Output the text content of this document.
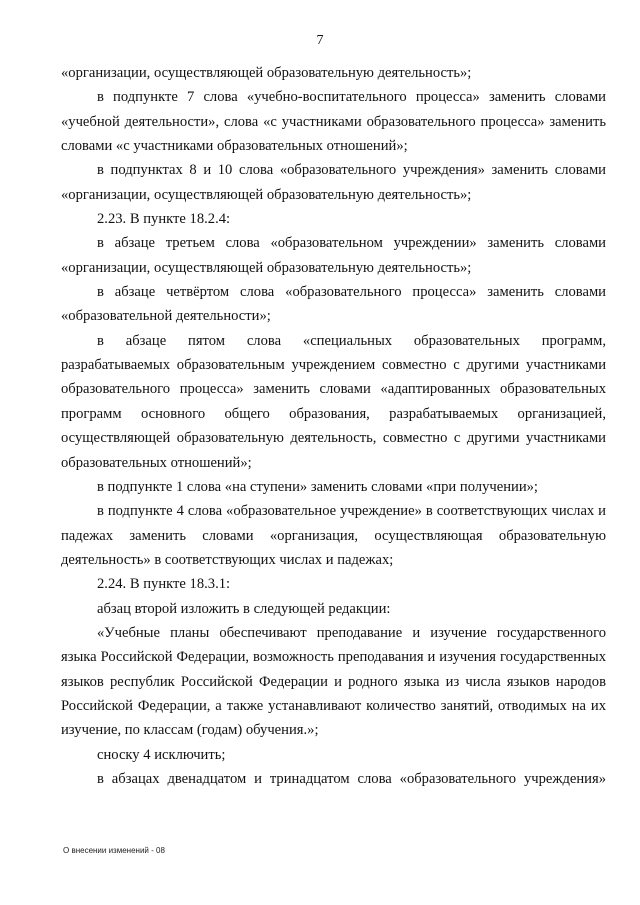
7

«организации, осуществляющей образовательную деятельность»;

в подпункте 7 слова «учебно-воспитательного процесса» заменить словами «учебной деятельности», слова «с участниками образовательного процесса» заменить словами «с участниками образовательных отношений»;

в подпунктах 8 и 10 слова «образовательного учреждения» заменить словами «организации, осуществляющей образовательную деятельность»;

2.23. В пункте 18.2.4:

в абзаце третьем слова «образовательном учреждении» заменить словами «организации, осуществляющей образовательную деятельность»;

в абзаце четвёртом слова «образовательного процесса» заменить словами «образовательной деятельности»;

в абзаце пятом слова «специальных образовательных программ, разрабатываемых образовательным учреждением совместно с другими участниками образовательного процесса» заменить словами «адаптированных образовательных программ основного общего образования, разрабатываемых организацией, осуществляющей образовательную деятельность, совместно с другими участниками образовательных отношений»;

в подпункте 1 слова «на ступени» заменить словами «при получении»;

в подпункте 4 слова «образовательное учреждение» в соответствующих числах и падежах заменить словами «организация, осуществляющая образовательную деятельность» в соответствующих числах и падежах;

2.24. В пункте 18.3.1:

абзац второй изложить в следующей редакции:

«Учебные планы обеспечивают преподавание и изучение государственного языка Российской Федерации, возможность преподавания и изучения государственных языков республик Российской Федерации и родного языка из числа языков народов Российской Федерации, а также устанавливают количество занятий, отводимых на их изучение, по классам (годам) обучения.»;

сноску 4 исключить;

в абзацах двенадцатом и тринадцатом слова «образовательного учреждения»

О внесении изменений - 08
